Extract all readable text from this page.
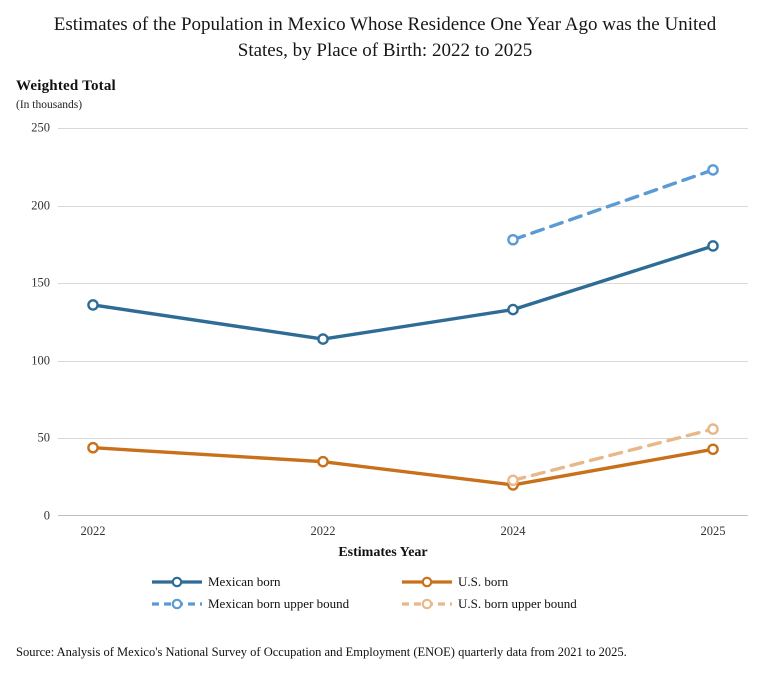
Estimates of the Population in Mexico Whose Residence One Year Ago was the United States, by Place of Birth: 2022 to 2025
Weighted Total
(In thousands)
250
200
150
100
50
0
2022	2022	2024	2025
Estimates Year
Mexican born	U.S. born
Mexican born upper bound	U.S. born upper bound
Source: Analysis of Mexico's National Survey of Occupation and Employment (ENOE) quarterly data from 2021 to 2025.
